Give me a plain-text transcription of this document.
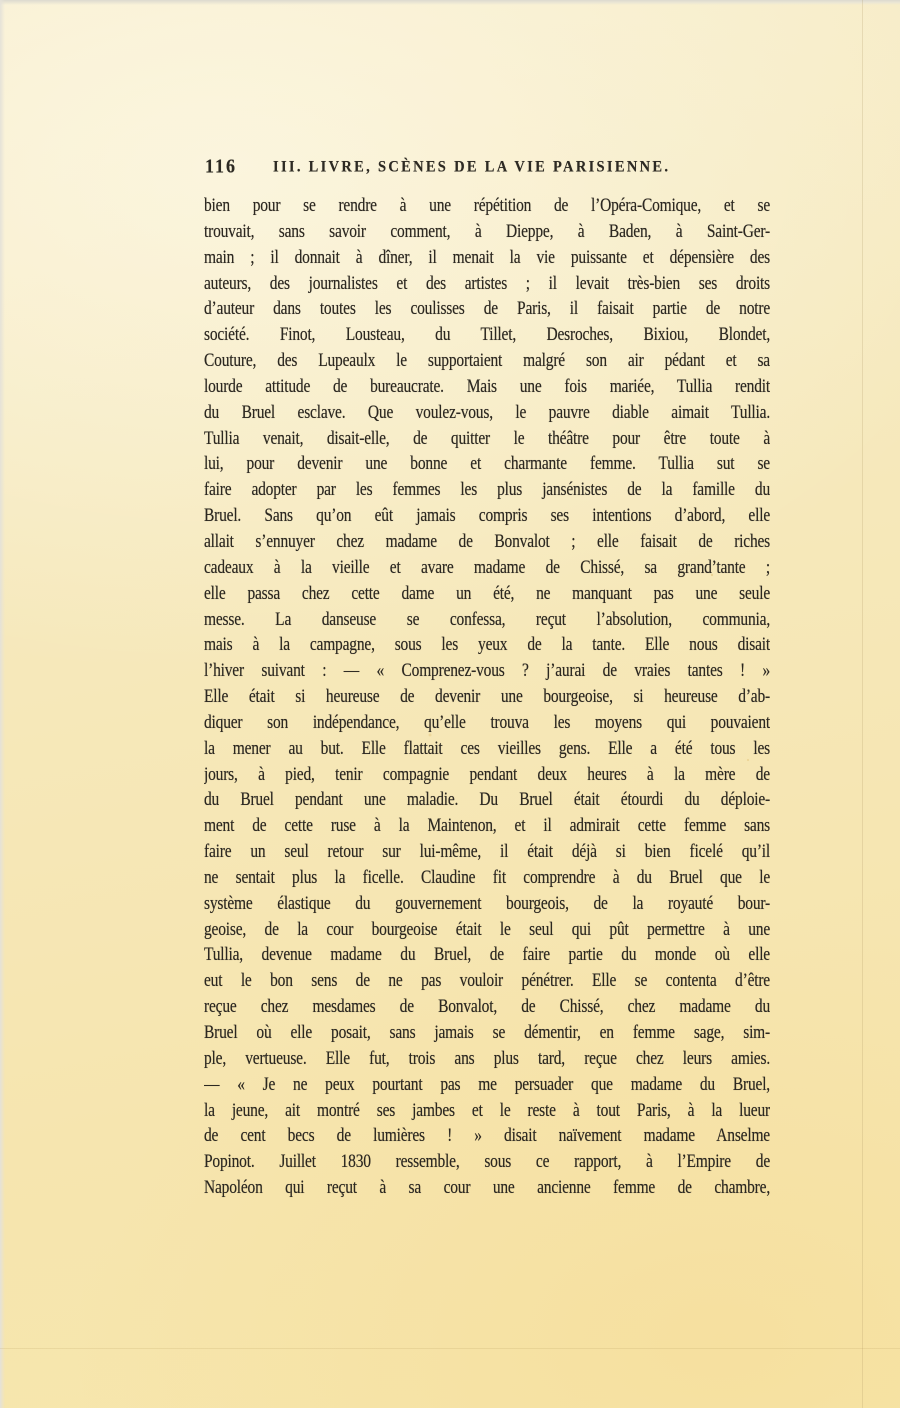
116 III. LIVRE, SCÈNES DE LA VIE PARISIENNE.
bien pour se rendre à une répétition de l’Opéra-Comique, et se
trouvait, sans savoir comment, à Dieppe, à Baden, à Saint-Ger-
main ; il donnait à dîner, il menait la vie puissante et dépensière des
auteurs, des journalistes et des artistes ; il levait très-bien ses droits
d’auteur dans toutes les coulisses de Paris, il faisait partie de notre
société. Finot, Lousteau, du Tillet, Desroches, Bixiou, Blondet,
Couture, des Lupeaulx le supportaient malgré son air pédant et sa
lourde attitude de bureaucrate. Mais une fois mariée, Tullia rendit
du Bruel esclave. Que voulez-vous, le pauvre diable aimait Tullia.
Tullia venait, disait-elle, de quitter le théâtre pour être toute à
lui, pour devenir une bonne et charmante femme. Tullia sut se
faire adopter par les femmes les plus jansénistes de la famille du
Bruel. Sans qu’on eût jamais compris ses intentions d’abord, elle
allait s’ennuyer chez madame de Bonvalot ; elle faisait de riches
cadeaux à la vieille et avare madame de Chissé, sa grand’tante ;
elle passa chez cette dame un été, ne manquant pas une seule
messe. La danseuse se confessa, reçut l’absolution, communia,
mais à la campagne, sous les yeux de la tante. Elle nous disait
l’hiver suivant : — « Comprenez-vous ? j’aurai de vraies tantes ! »
Elle était si heureuse de devenir une bourgeoise, si heureuse d’ab-
diquer son indépendance, qu’elle trouva les moyens qui pouvaient
la mener au but. Elle flattait ces vieilles gens. Elle a été tous les
jours, à pied, tenir compagnie pendant deux heures à la mère de
du Bruel pendant une maladie. Du Bruel était étourdi du déploie-
ment de cette ruse à la Maintenon, et il admirait cette femme sans
faire un seul retour sur lui-même, il était déjà si bien ficelé qu’il
ne sentait plus la ficelle. Claudine fit comprendre à du Bruel que le
système élastique du gouvernement bourgeois, de la royauté bour-
geoise, de la cour bourgeoise était le seul qui pût permettre à une
Tullia, devenue madame du Bruel, de faire partie du monde où elle
eut le bon sens de ne pas vouloir pénétrer. Elle se contenta d’être
reçue chez mesdames de Bonvalot, de Chissé, chez madame du
Bruel où elle posait, sans jamais se démentir, en femme sage, sim-
ple, vertueuse. Elle fut, trois ans plus tard, reçue chez leurs amies.
— « Je ne peux pourtant pas me persuader que madame du Bruel,
la jeune, ait montré ses jambes et le reste à tout Paris, à la lueur
de cent becs de lumières ! » disait naïvement madame Anselme
Popinot. Juillet 1830 ressemble, sous ce rapport, à l’Empire de
Napoléon qui reçut à sa cour une ancienne femme de chambre,
